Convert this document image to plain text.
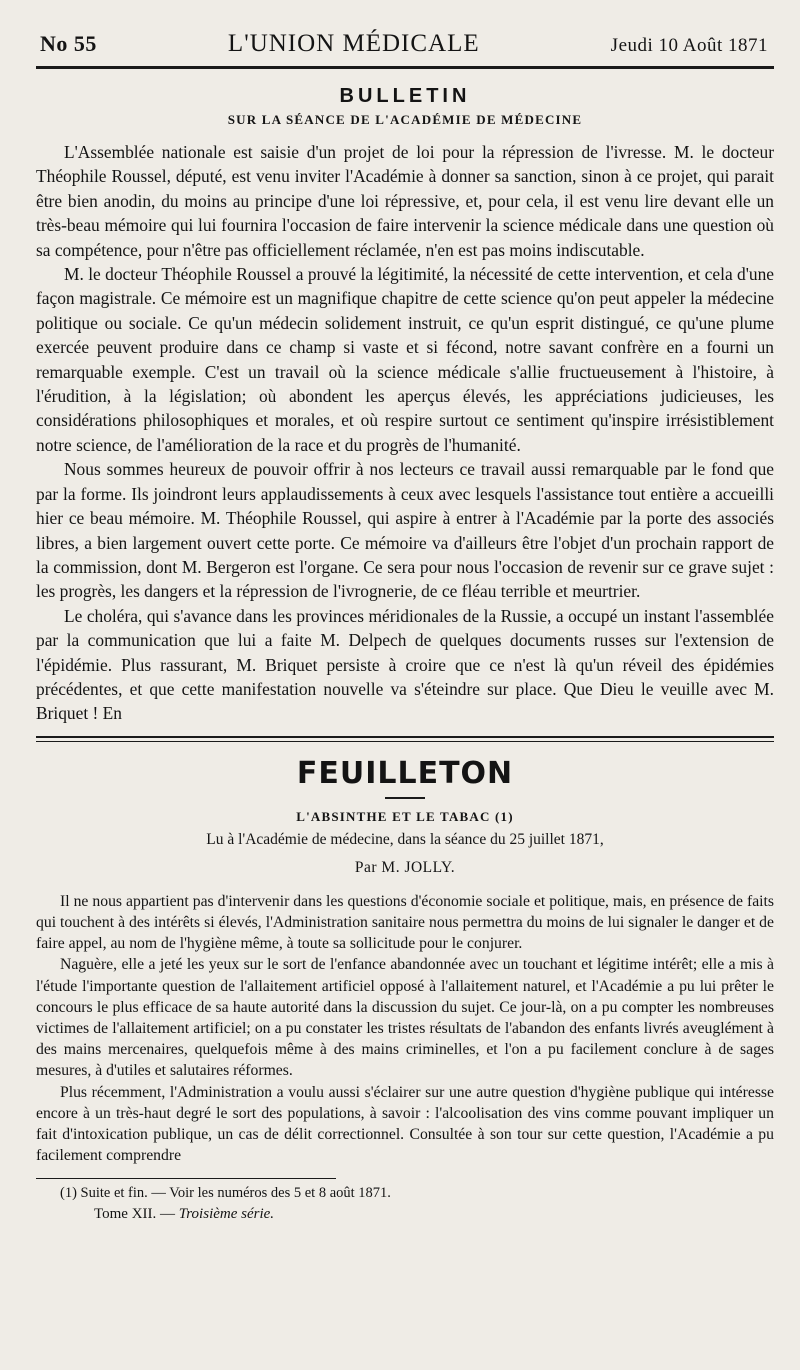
No 55	L'UNION MÉDICALE	Jeudi 10 Août 1871
BULLETIN
SUR LA SÉANCE DE L'ACADÉMIE DE MÉDECINE

L'Assemblée nationale est saisie d'un projet de loi pour la répression de l'ivresse. M. le docteur Théophile Roussel, député, est venu inviter l'Académie à donner sa sanction, sinon à ce projet, qui parait être bien anodin, du moins au principe d'une loi répressive, et, pour cela, il est venu lire devant elle un très-beau mémoire qui lui fournira l'occasion de faire intervenir la science médicale dans une question où sa compétence, pour n'être pas officiellement réclamée, n'en est pas moins indiscutable.

M. le docteur Théophile Roussel a prouvé la légitimité, la nécessité de cette intervention, et cela d'une façon magistrale. Ce mémoire est un magnifique chapitre de cette science qu'on peut appeler la médecine politique ou sociale. Ce qu'un médecin solidement instruit, ce qu'un esprit distingué, ce qu'une plume exercée peuvent produire dans ce champ si vaste et si fécond, notre savant confrère en a fourni un remarquable exemple. C'est un travail où la science médicale s'allie fructueusement à l'histoire, à l'érudition, à la législation; où abondent les aperçus élevés, les appréciations judicieuses, les considérations philosophiques et morales, et où respire surtout ce sentiment qu'inspire irrésistiblement notre science, de l'amélioration de la race et du progrès de l'humanité.

Nous sommes heureux de pouvoir offrir à nos lecteurs ce travail aussi remarquable par le fond que par la forme. Ils joindront leurs applaudissements à ceux avec lesquels l'assistance tout entière a accueilli hier ce beau mémoire. M. Théophile Roussel, qui aspire à entrer à l'Académie par la porte des associés libres, a bien largement ouvert cette porte. Ce mémoire va d'ailleurs être l'objet d'un prochain rapport de la commission, dont M. Bergeron est l'organe. Ce sera pour nous l'occasion de revenir sur ce grave sujet : les progrès, les dangers et la répression de l'ivrognerie, de ce fléau terrible et meurtrier.

Le choléra, qui s'avance dans les provinces méridionales de la Russie, a occupé un instant l'assemblée par la communication que lui a faite M. Delpech de quelques documents russes sur l'extension de l'épidémie. Plus rassurant, M. Briquet persiste à croire que ce n'est là qu'un réveil des épidémies précédentes, et que cette manifestation nouvelle va s'éteindre sur place. Que Dieu le veuille avec M. Briquet ! En

FEUILLETON
L'ABSINTHE ET LE TABAC (1)
Lu à l'Académie de médecine, dans la séance du 25 juillet 1871,
Par M. JOLLY.

Il ne nous appartient pas d'intervenir dans les questions d'économie sociale et politique, mais, en présence de faits qui touchent à des intérêts si élevés, l'Administration sanitaire nous permettra du moins de lui signaler le danger et de faire appel, au nom de l'hygiène même, à toute sa sollicitude pour le conjurer.

Naguère, elle a jeté les yeux sur le sort de l'enfance abandonnée avec un touchant et légitime intérêt; elle a mis à l'étude l'importante question de l'allaitement artificiel opposé à l'allaitement naturel, et l'Académie a pu lui prêter le concours le plus efficace de sa haute autorité dans la discussion du sujet. Ce jour-là, on a pu compter les nombreuses victimes de l'allaitement artificiel; on a pu constater les tristes résultats de l'abandon des enfants livrés aveuglément à des mains mercenaires, quelquefois même à des mains criminelles, et l'on a pu facilement conclure à de sages mesures, à d'utiles et salutaires réformes.

Plus récemment, l'Administration a voulu aussi s'éclairer sur une autre question d'hygiène publique qui intéresse encore à un très-haut degré le sort des populations, à savoir : l'alcoolisation des vins comme pouvant impliquer un fait d'intoxication publique, un cas de délit correctionnel. Consultée à son tour sur cette question, l'Académie a pu facilement comprendre

(1) Suite et fin. — Voir les numéros des 5 et 8 août 1871.
Tome XII. — Troisième série.
